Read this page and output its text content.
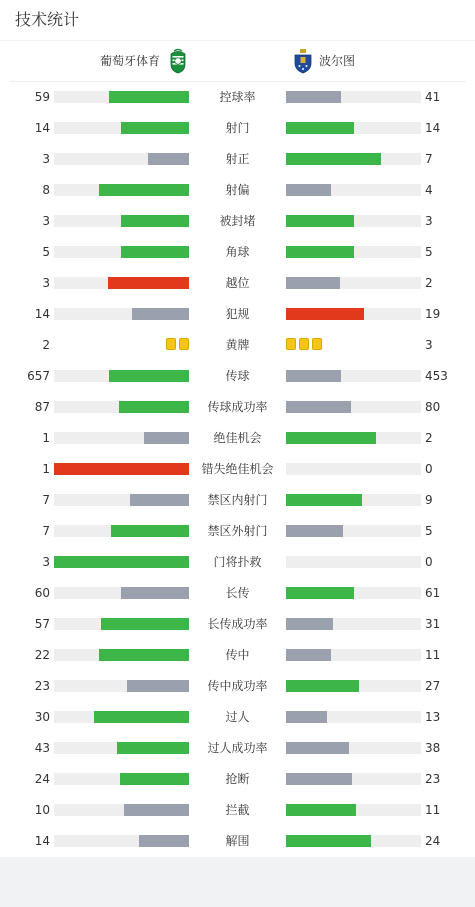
技术统计
葡萄牙体育	波尔图
59	控球率	41
14	射门	14
3	射正	7
8	射偏	4
3	被封堵	3
5	角球	5
3	越位	2
14	犯规	19
2	黄牌	3
657	传球	453
87	传球成功率	80
1	绝佳机会	2
1	错失绝佳机会	0
7	禁区内射门	9
7	禁区外射门	5
3	门将扑救	0
60	长传	61
57	长传成功率	31
22	传中	11
23	传中成功率	27
30	过人	13
43	过人成功率	38
24	抢断	23
10	拦截	11
14	解围	24
